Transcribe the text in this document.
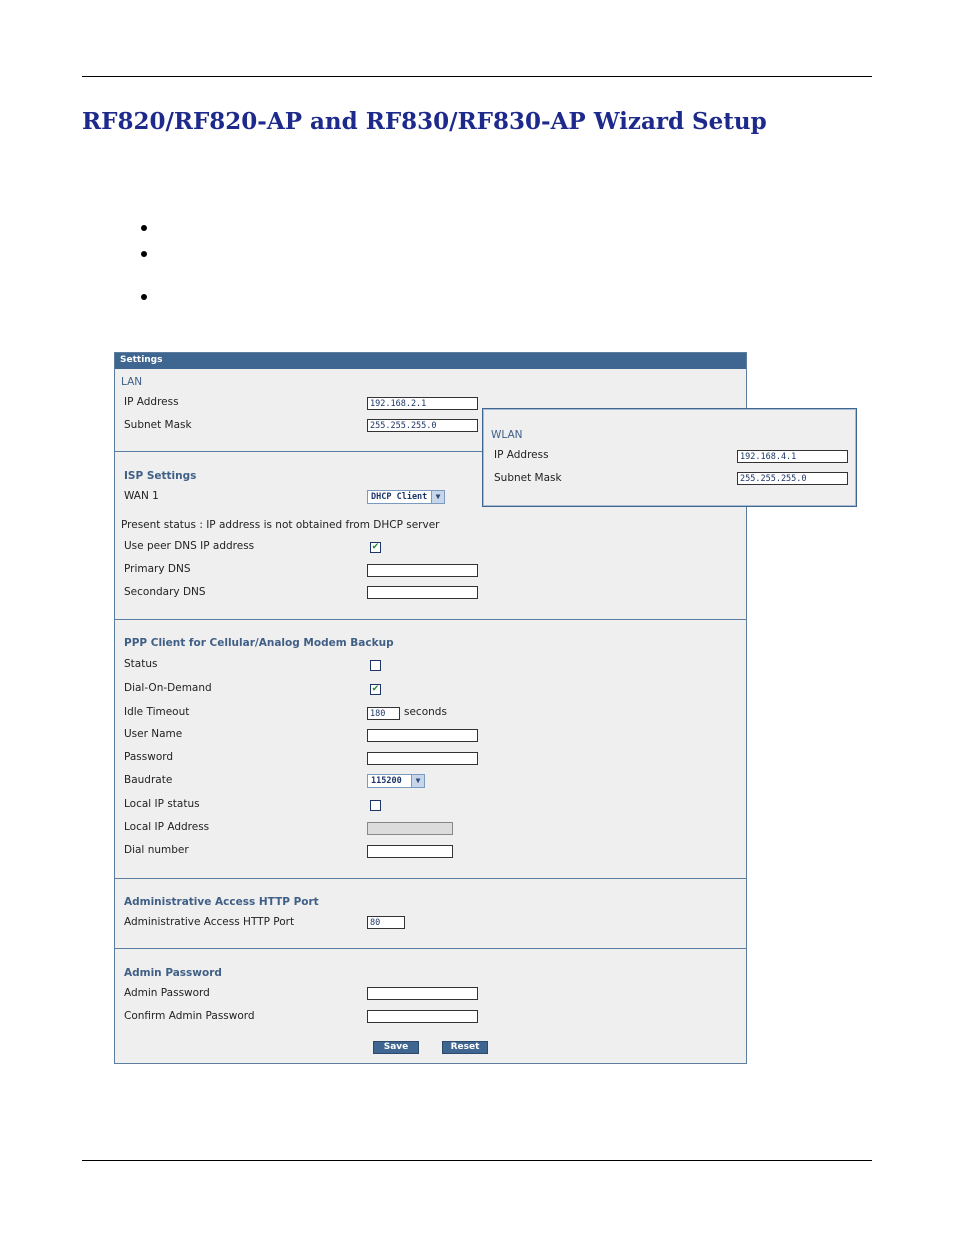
RF820/RF820-AP and RF830/RF830-AP Wizard Setup
Settings
LAN
IP Address	192.168.2.1
Subnet Mask	255.255.255.0
ISP Settings
WAN 1	DHCP Client	▼
Present status : IP address is not obtained from DHCP server
Use peer DNS IP address	✔
Primary DNS
Secondary DNS
PPP Client for Cellular/Analog Modem Backup
Status
Dial-On-Demand	✔
Idle Timeout	180	seconds
User Name
Password
Baudrate	115200	▼
Local IP status
Local IP Address
Dial number
Administrative Access HTTP Port
Administrative Access HTTP Port	80
Admin Password
Admin Password
Confirm Admin Password
Save	Reset
WLAN
IP Address	192.168.4.1
Subnet Mask	255.255.255.0
